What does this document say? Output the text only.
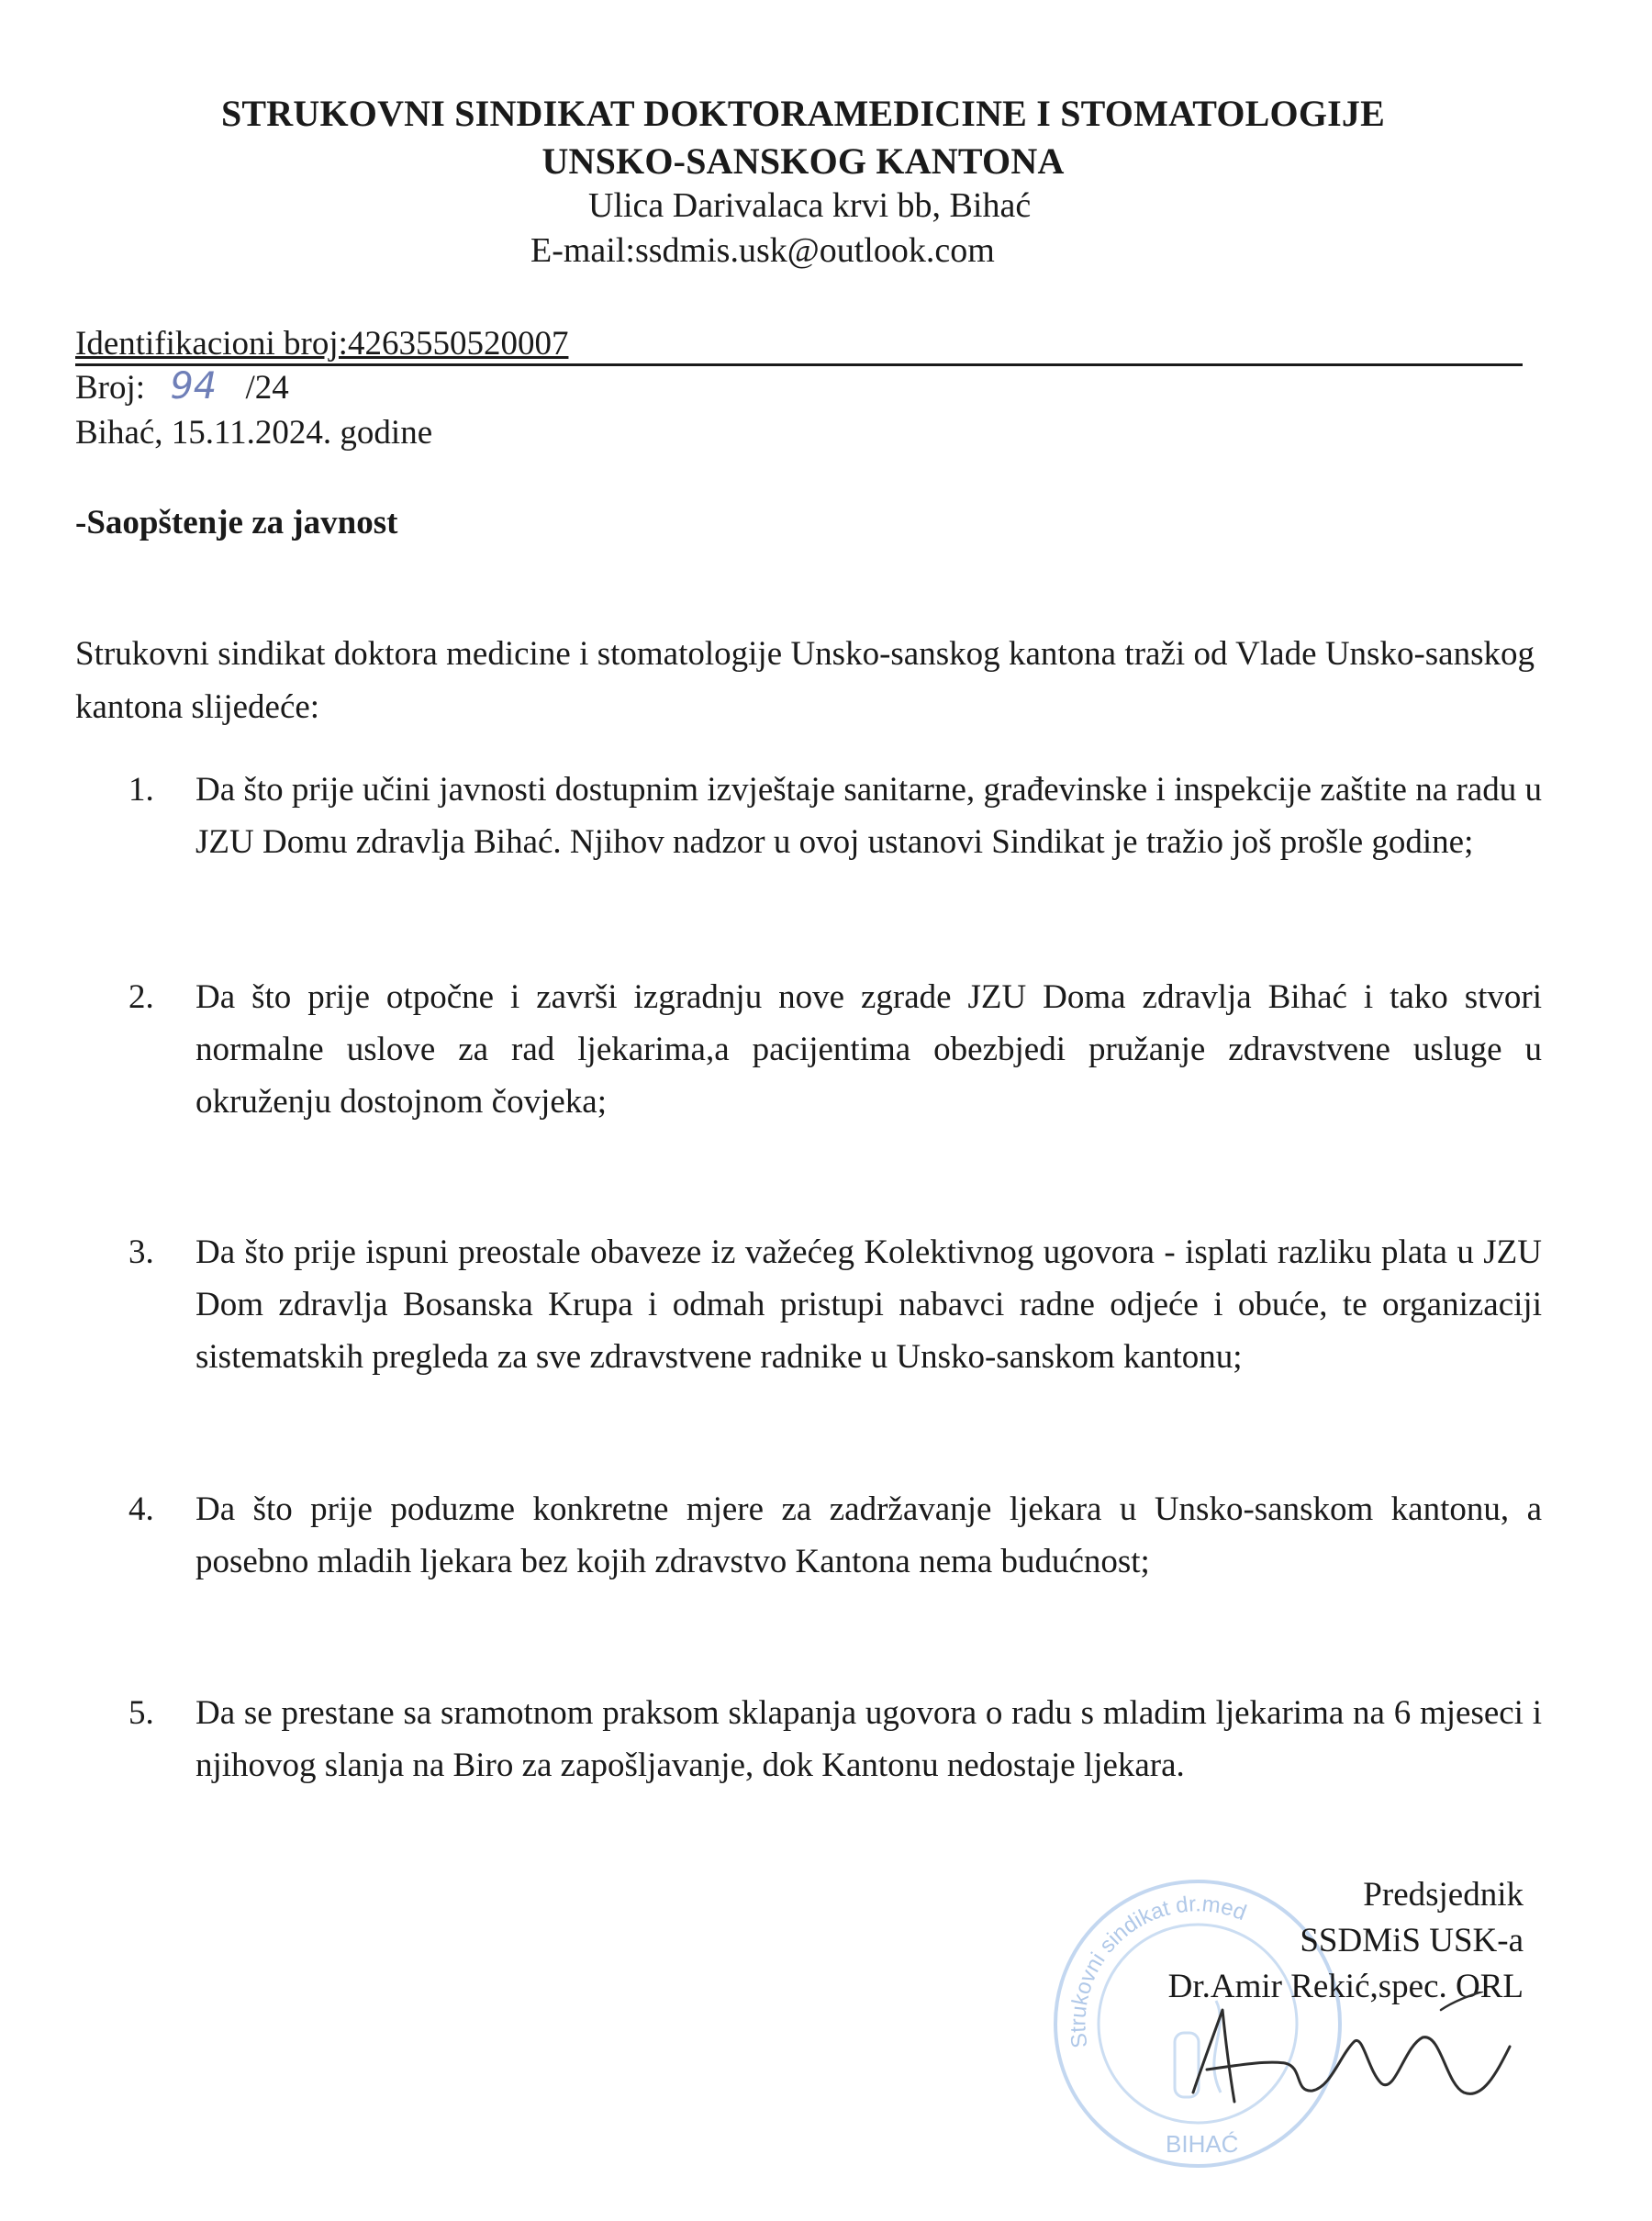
STRUKOVNI SINDIKAT DOKTORAMEDICINE I STOMATOLOGIJE
UNSKO-SANSKOG KANTONA
Ulica Darivalaca krvi bb, Bihać
E-mail:ssdmis.usk@outlook.com
Identifikacioni broj:4263550520007
Broj: 94 /24
Bihać, 15.11.2024. godine
-Saopštenje za javnost
Strukovni sindikat doktora medicine i stomatologije Unsko-sanskog kantona traži od Vlade Unsko-sanskog kantona slijedeće:
1.	Da što prije učini javnosti dostupnim izvještaje sanitarne, građevinske i inspekcije zaštite na radu u JZU Domu zdravlja Bihać. Njihov nadzor u ovoj ustanovi Sindikat je tražio još prošle godine;
2.	Da što prije otpočne i završi izgradnju nove zgrade JZU Doma zdravlja Bihać i tako stvori normalne uslove za rad ljekarima,a pacijentima obezbjedi pružanje zdravstvene usluge u okruženju dostojnom čovjeka;
3.	Da što prije ispuni preostale obaveze iz važećeg Kolektivnog ugovora - isplati razliku plata u JZU Dom zdravlja Bosanska Krupa i odmah pristupi nabavci radne odjeće i obuće, te organizaciji sistematskih pregleda za sve zdravstvene radnike u Unsko-sanskom kantonu;
4.	Da što prije poduzme konkretne mjere za zadržavanje ljekara u Unsko-sanskom kantonu, a posebno mladih ljekara bez kojih zdravstvo Kantona nema budućnost;
5.	Da se prestane sa sramotnom praksom sklapanja ugovora o radu s mladim ljekarima na 6 mjeseci i njihovog slanja na Biro za zapošljavanje, dok Kantonu nedostaje ljekara.
Strukovni sindikat dr.med
BIHAĆ
Predsjednik
SSDMiS USK-a
Dr.Amir Rekić,spec. ORL
